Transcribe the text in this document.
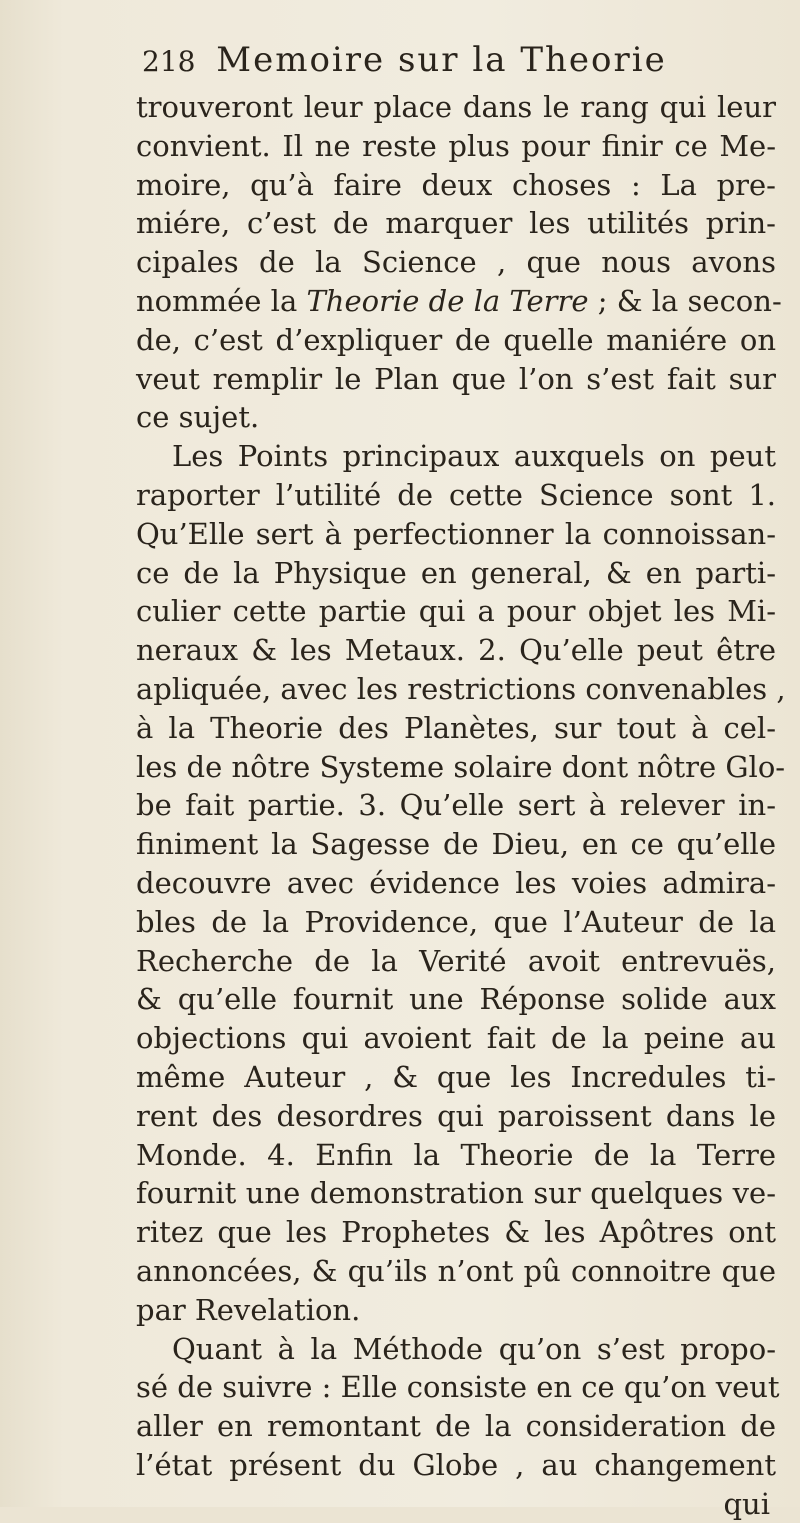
218 Memoire sur la Theorie
trouveront leur place dans le rang qui leur
convient. Il ne reste plus pour finir ce Me-
moire, qu’à faire deux choses : La pre-
miére, c’est de marquer les utilités prin-
cipales de la Science , que nous avons
nommée la Theorie de la Terre ; & la secon-
de, c’est d’expliquer de quelle maniére on
veut remplir le Plan que l’on s’est fait sur
ce sujet.
Les Points principaux auxquels on peut
raporter l’utilité de cette Science sont 1.
Qu’Elle sert à perfectionner la connoissan-
ce de la Physique en general, & en parti-
culier cette partie qui a pour objet les Mi-
neraux & les Metaux. 2. Qu’elle peut être
apliquée, avec les restrictions convenables ,
à la Theorie des Planètes, sur tout à cel-
les de nôtre Systeme solaire dont nôtre Glo-
be fait partie. 3. Qu’elle sert à relever in-
finiment la Sagesse de Dieu, en ce qu’elle
decouvre avec évidence les voies admira-
bles de la Providence, que l’Auteur de la
Recherche de la Verité avoit entrevuës,
& qu’elle fournit une Réponse solide aux
objections qui avoient fait de la peine au
même Auteur , & que les Incredules ti-
rent des desordres qui paroissent dans le
Monde. 4. Enfin la Theorie de la Terre
fournit une demonstration sur quelques ve-
ritez que les Prophetes & les Apôtres ont
annoncées, & qu’ils n’ont pû connoitre que
par Revelation.
Quant à la Méthode qu’on s’est propo-
sé de suivre : Elle consiste en ce qu’on veut
aller en remontant de la consideration de
l’état présent du Globe , au changement
qui
